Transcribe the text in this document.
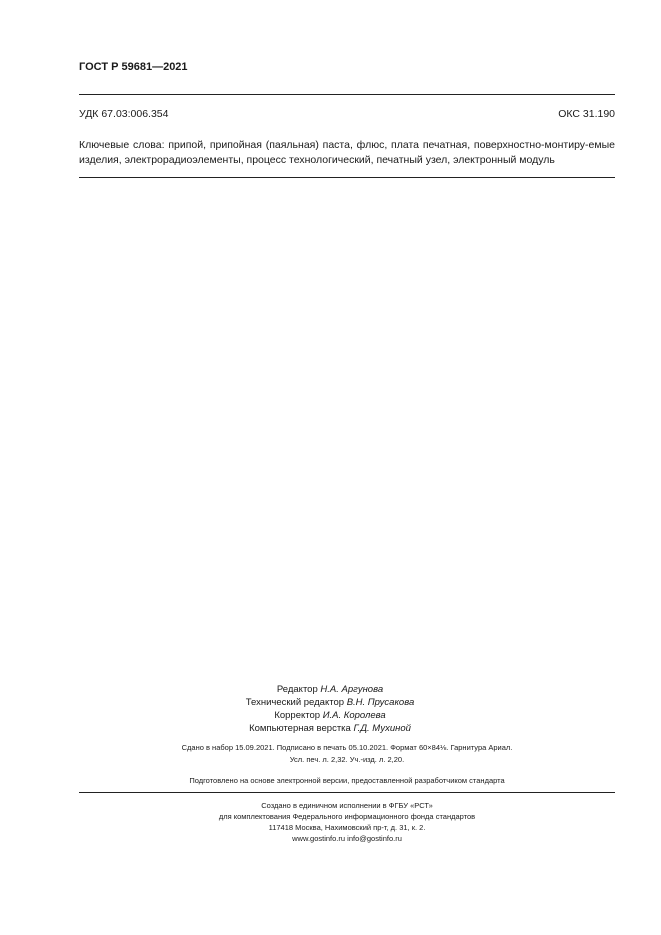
ГОСТ Р 59681—2021
УДК 67.03:006.354	ОКС 31.190
Ключевые слова: припой, припойная (паяльная) паста, флюс, плата печатная, поверхностно-монтиру-емые изделия, электрорадиоэлементы, процесс технологический, печатный узел, электронный модуль
Редактор Н.А. Аргунова
Технический редактор В.Н. Прусакова
Корректор И.А. Королева
Компьютерная верстка Г.Д. Мухиной
Сдано в набор 15.09.2021. Подписано в печать 05.10.2021. Формат 60×84⅛. Гарнитура Ариал.
Усл. печ. л. 2,32. Уч.-изд. л. 2,20.
Подготовлено на основе электронной версии, предоставленной разработчиком стандарта
Создано в единичном исполнении в ФГБУ «РСТ»
для комплектования Федерального информационного фонда стандартов
117418 Москва, Нахимовский пр-т, д. 31, к. 2.
www.gostinfo.ru info@gostinfo.ru
